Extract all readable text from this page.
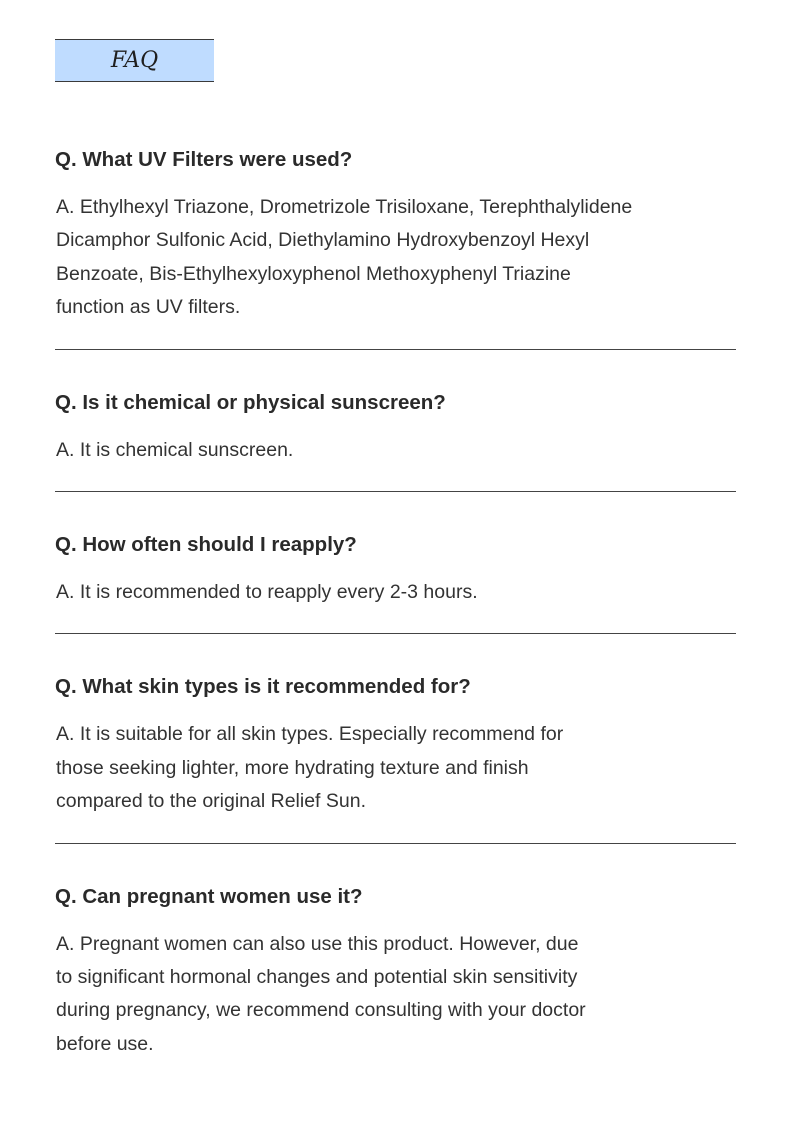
FAQ
Q. What UV Filters were used?
A. Ethylhexyl Triazone, Drometrizole Trisiloxane, Terephthalylidene
Dicamphor Sulfonic Acid, Diethylamino Hydroxybenzoyl Hexyl
Benzoate, Bis-Ethylhexyloxyphenol Methoxyphenyl Triazine
function as UV filters.
Q. Is it chemical or physical sunscreen?
A. It is chemical sunscreen.
Q. How often should I reapply?
A. It is recommended to reapply every 2-3 hours.
Q. What skin types is it recommended for?
A. It is suitable for all skin types. Especially recommend for
those seeking lighter, more hydrating texture and finish
compared to the original Relief Sun.
Q. Can pregnant women use it?
A. Pregnant women can also use this product. However, due
to significant hormonal changes and potential skin sensitivity
during pregnancy, we recommend consulting with your doctor
before use.
